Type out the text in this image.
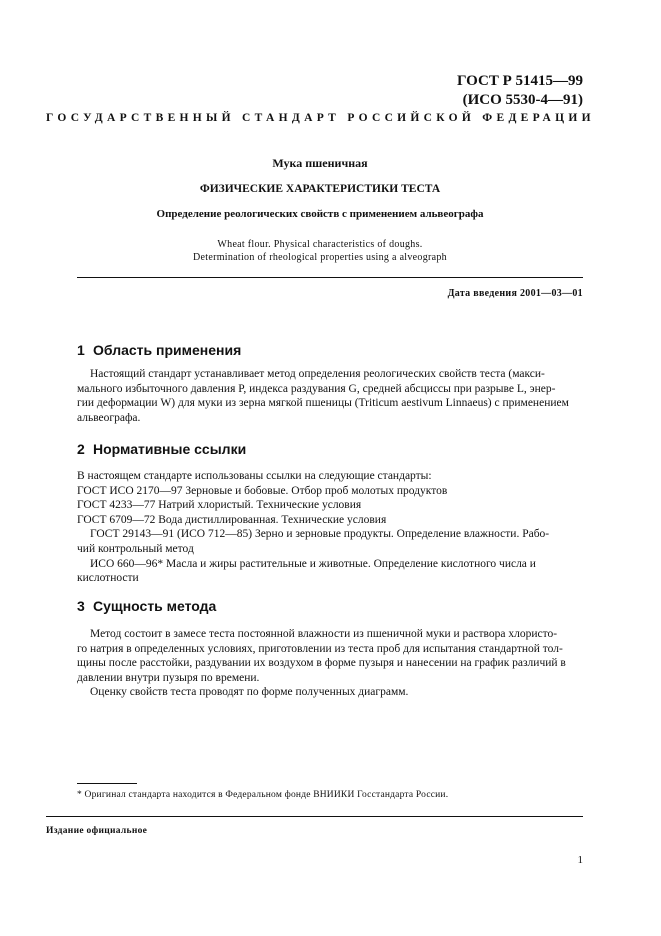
ГОСТ Р 51415—99
(ИСО 5530-4—91)
ГОСУДАРСТВЕННЫЙ СТАНДАРТ РОССИЙСКОЙ ФЕДЕРАЦИИ
Мука пшеничная
ФИЗИЧЕСКИЕ ХАРАКТЕРИСТИКИ ТЕСТА
Определение реологических свойств с применением альвеографа
Wheat flour. Physical characteristics of doughs.
Determination of rheological properties using a alveograph
Дата введения 2001—03—01
1 Область применения

Настоящий стандарт устанавливает метод определения реологических свойств теста (макси-

мального избыточного давления P, индекса раздувания G, средней абсциссы при разрыве L, энер-

гии деформации W) для муки из зерна мягкой пшеницы (Triticum aestivum Linnaeus) с применением

альвеографа.

2 Нормативные ссылки

В настоящем стандарте использованы ссылки на следующие стандарты:

ГОСТ ИСО 2170—97 Зерновые и бобовые. Отбор проб молотых продуктов

ГОСТ 4233—77 Натрий хлористый. Технические условия

ГОСТ 6709—72 Вода дистиллированная. Технические условия

ГОСТ 29143—91 (ИСО 712—85) Зерно и зерновые продукты. Определение влажности. Рабо-

чий контрольный метод

ИСО 660—96* Масла и жиры растительные и животные. Определение кислотного числа и

кислотности

3 Сущность метода

Метод состоит в замесе теста постоянной влажности из пшеничной муки и раствора хлористо-

го натрия в определенных условиях, приготовлении из теста проб для испытания стандартной тол-

щины после расстойки, раздувании их воздухом в форме пузыря и нанесении на график различий в

давлении внутри пузыря по времени.

Оценку свойств теста проводят по форме полученных диаграмм.

* Оригинал стандарта находится в Федеральном фонде ВНИИКИ Госстандарта России.
Издание официальное
1
